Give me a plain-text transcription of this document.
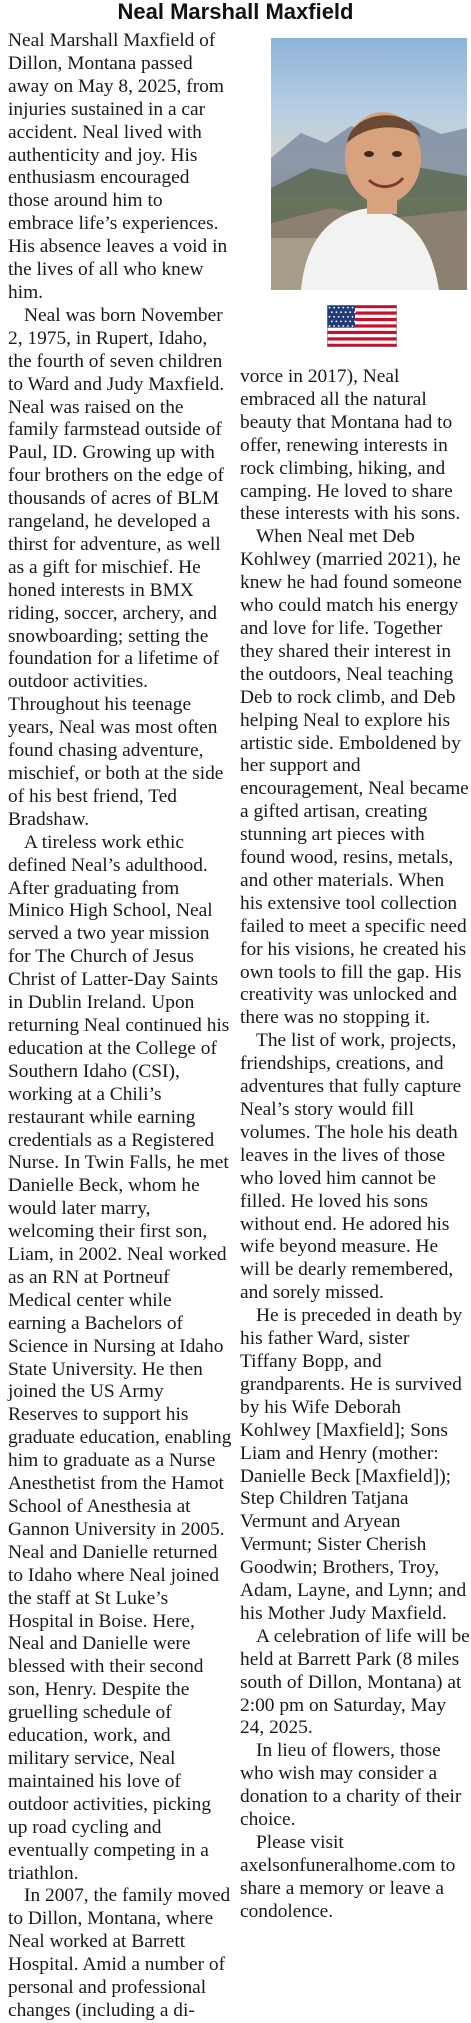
Neal Marshall Maxfield

Neal Marshall Maxfield of Dillon, Montana passed away on May 8, 2025, from injuries sustained in a car accident. Neal lived with authenticity and joy. His enthusiasm encouraged those around him to embrace life’s experiences. His absence leaves a void in the lives of all who knew him.

Neal was born November 2, 1975, in Rupert, Idaho, the fourth of seven children to Ward and Judy Maxfield. Neal was raised on the family farmstead outside of Paul, ID. Growing up with four brothers on the edge of thousands of acres of BLM rangeland, he developed a thirst for adventure, as well as a gift for mischief. He honed interests in BMX riding, soccer, archery, and snowboarding; setting the foundation for a lifetime of outdoor activities. Throughout his teenage years, Neal was most often found chasing adventure, mischief, or both at the side of his best friend, Ted Bradshaw.

A tireless work ethic defined Neal’s adulthood. After graduating from Minico High School, Neal served a two year mission for The Church of Jesus Christ of Latter-Day Saints in Dublin Ireland. Upon returning Neal continued his education at the College of Southern Idaho (CSI), working at a Chili’s restaurant while earning credentials as a Registered Nurse. In Twin Falls, he met Danielle Beck, whom he would later marry, welcoming their first son, Liam, in 2002. Neal worked as an RN at Portneuf Medical center while earning a Bachelors of Science in Nursing at Idaho State University. He then joined the US Army Reserves to support his graduate education, enabling him to graduate as a Nurse Anesthetist from the Hamot School of Anesthesia at Gannon University in 2005. Neal and Danielle returned to Idaho where Neal joined the staff at St Luke’s Hospital in Boise. Here, Neal and Danielle were blessed with their second son, Henry. Despite the gruelling schedule of education, work, and military service, Neal maintained his love of outdoor activities, picking up road cycling and eventually competing in a triathlon.

In 2007, the family moved to Dillon, Montana, where Neal worked at Barrett Hospital. Amid a number of personal and professional changes (including a di-

vorce in 2017), Neal embraced all the natural beauty that Montana had to offer, renewing interests in rock climbing, hiking, and camping. He loved to share these interests with his sons.

When Neal met Deb Kohlwey (married 2021), he knew he had found someone who could match his energy and love for life. Together they shared their interest in the outdoors, Neal teaching Deb to rock climb, and Deb helping Neal to explore his artistic side. Emboldened by her support and encouragement, Neal became a gifted artisan, creating stunning art pieces with found wood, resins, metals, and other materials. When his extensive tool collection failed to meet a specific need for his visions, he created his own tools to fill the gap. His creativity was unlocked and there was no stopping it.

The list of work, projects, friendships, creations, and adventures that fully capture Neal’s story would fill volumes. The hole his death leaves in the lives of those who loved him cannot be filled. He loved his sons without end. He adored his wife beyond measure. He will be dearly remembered, and sorely missed.

He is preceded in death by his father Ward, sister Tiffany Bopp, and grandparents. He is survived by his Wife Deborah Kohlwey [Maxfield]; Sons Liam and Henry (mother: Danielle Beck [Maxfield]); Step Children Tatjana Vermunt and Aryean Vermunt; Sister Cherish Goodwin; Brothers, Troy, Adam, Layne, and Lynn; and his Mother Judy Maxfield.

A celebration of life will be held at Barrett Park (8 miles south of Dillon, Montana) at 2:00 pm on Saturday, May 24, 2025.

In lieu of flowers, those who wish may consider a donation to a charity of their choice.

Please visit axelsonfuneralhome.com to share a memory or leave a condolence.
